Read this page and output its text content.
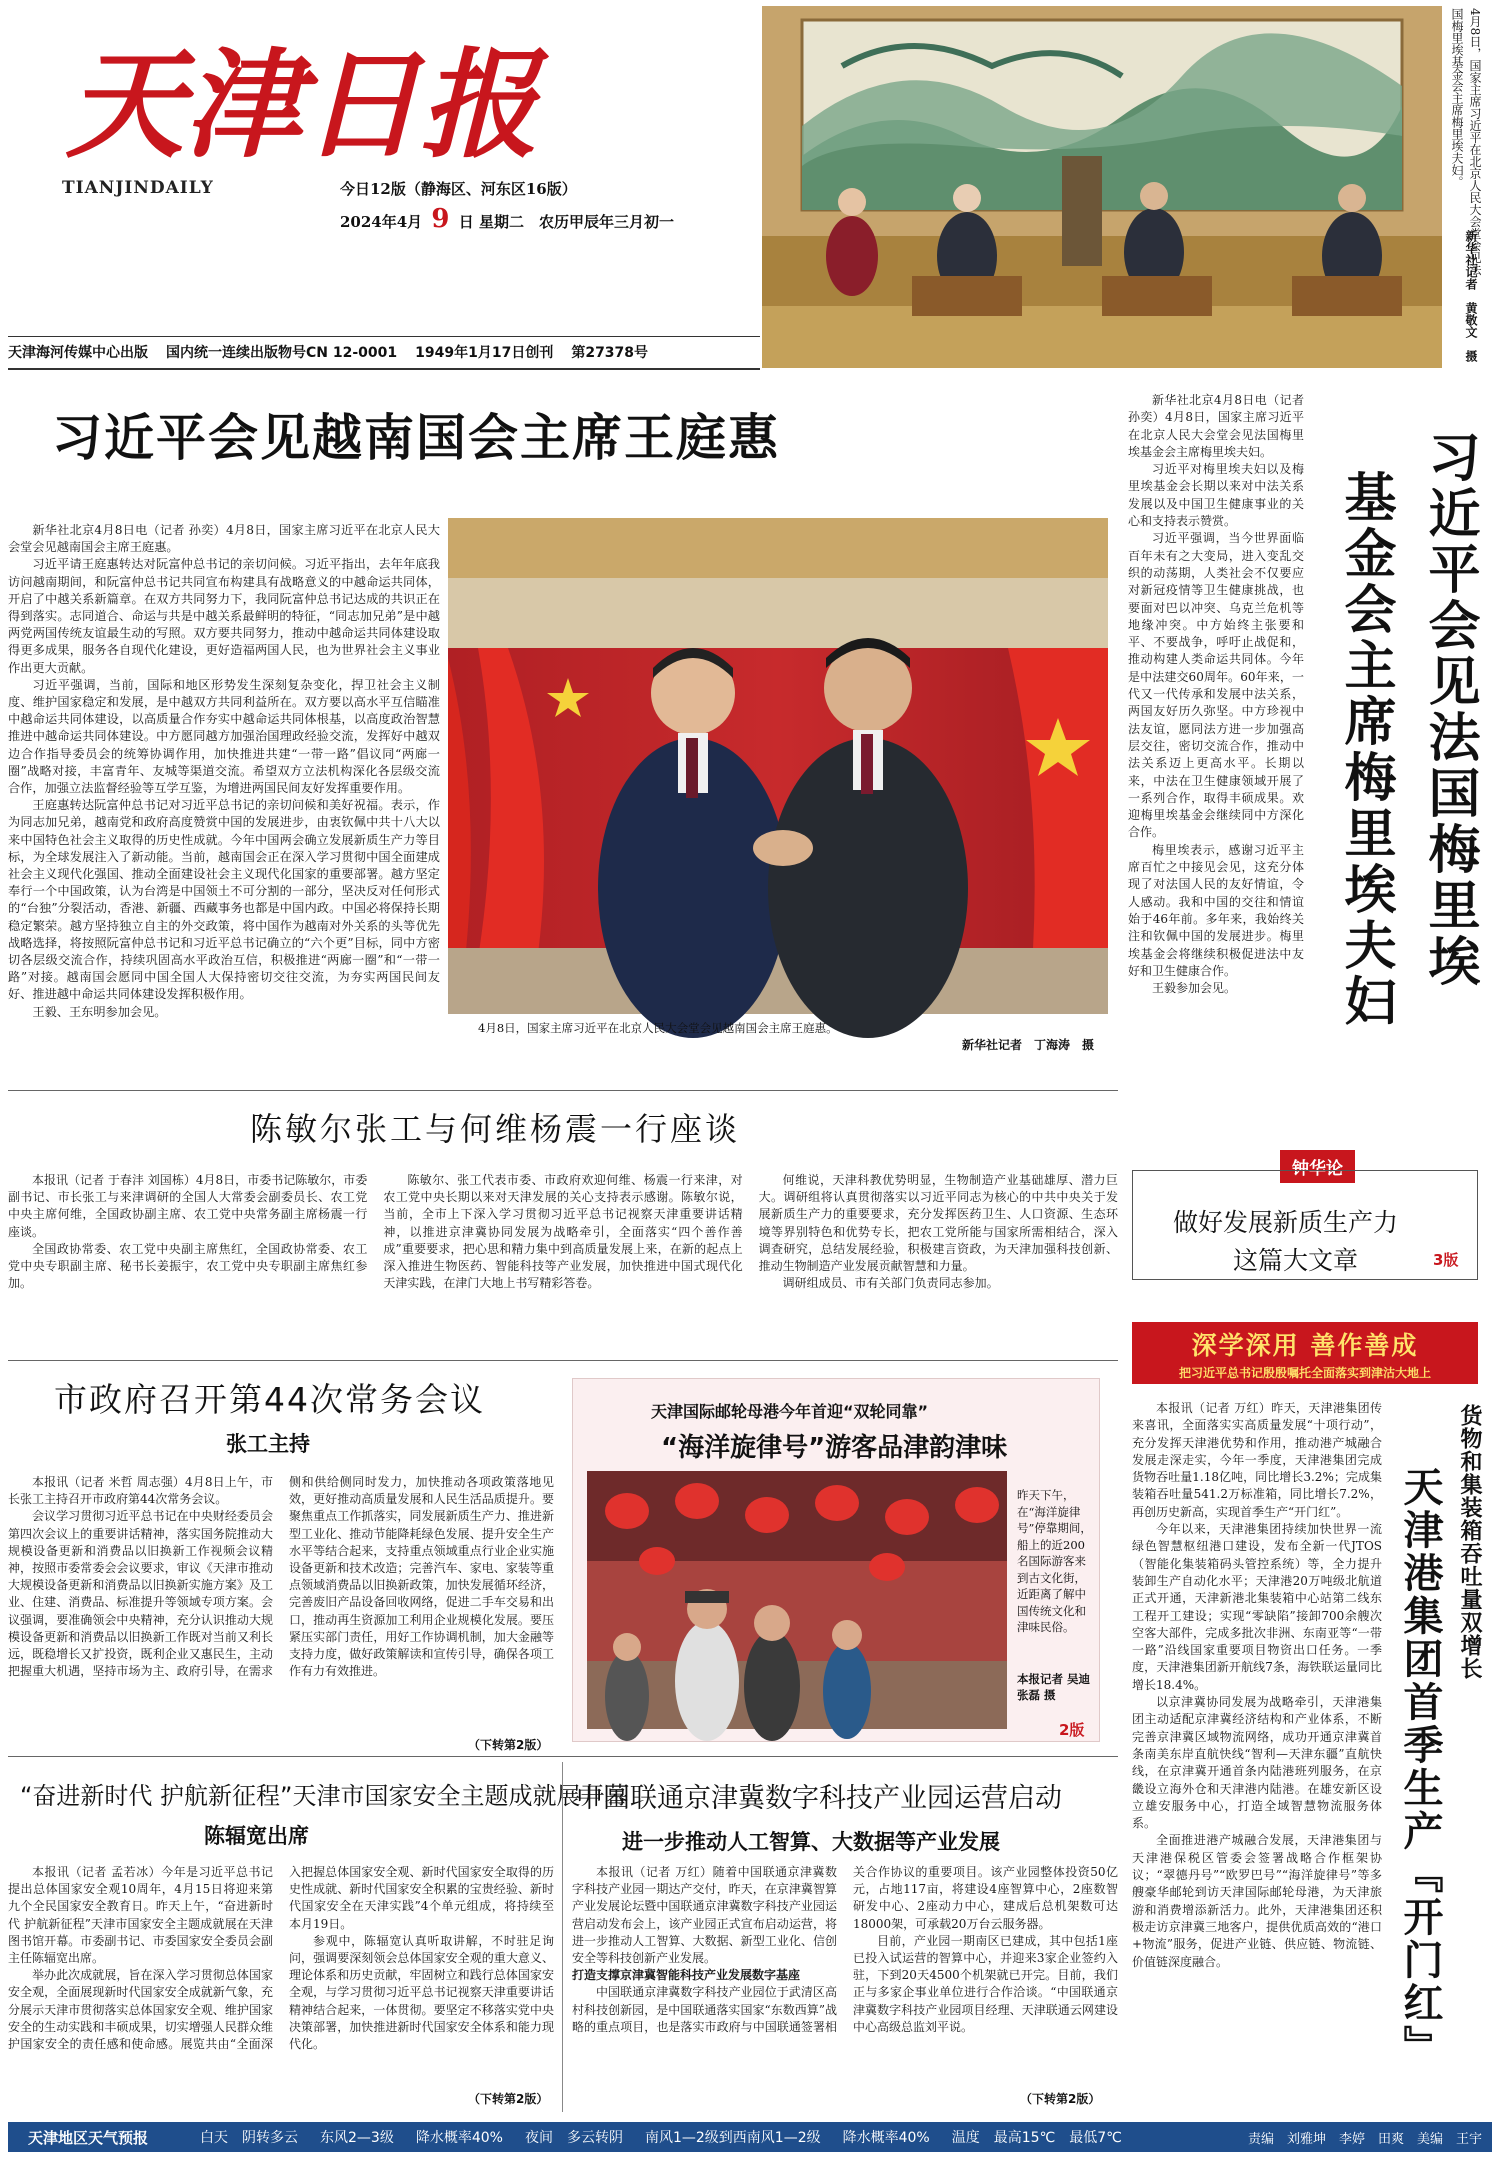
天津日报
TIANJINDAILY	今日12版（静海区、河东区16版）
2024年4月 9 日 星期二　农历甲辰年三月初一
天津海河传媒中心出版 国内统一连续出版物号CN 12-0001 1949年1月17日创刊 第27378号
4月8日，国家主席习近平在北京人民大会堂会见法国梅里埃基金会主席梅里埃夫妇。
新华社记者　黄敬文　摄
习近平会见越南国会主席王庭惠

新华社北京4月8日电（记者 孙奕）4月8日，国家主席习近平在北京人民大会堂会见越南国会主席王庭惠。

习近平请王庭惠转达对阮富仲总书记的亲切问候。习近平指出，去年年底我访问越南期间，和阮富仲总书记共同宣布构建具有战略意义的中越命运共同体，开启了中越关系新篇章。在双方共同努力下，我同阮富仲总书记达成的共识正在得到落实。志同道合、命运与共是中越关系最鲜明的特征，“同志加兄弟”是中越两党两国传统友谊最生动的写照。双方要共同努力，推动中越命运共同体建设取得更多成果，服务各自现代化建设，更好造福两国人民，也为世界社会主义事业作出更大贡献。

习近平强调，当前，国际和地区形势发生深刻复杂变化，捍卫社会主义制度、维护国家稳定和发展，是中越双方共同利益所在。双方要以高水平互信瞄准中越命运共同体建设，以高质量合作夯实中越命运共同体根基，以高度政治智慧推进中越命运共同体建设。中方愿同越方加强治国理政经验交流，发挥好中越双边合作指导委员会的统筹协调作用，加快推进共建“一带一路”倡议同“两廊一圈”战略对接，丰富青年、友城等渠道交流。希望双方立法机构深化各层级交流合作，加强立法监督经验等互学互鉴，为增进两国民间友好发挥重要作用。

王庭惠转达阮富仲总书记对习近平总书记的亲切问候和美好祝福。表示，作为同志加兄弟，越南党和政府高度赞赏中国的发展进步，由衷钦佩中共十八大以来中国特色社会主义取得的历史性成就。今年中国两会确立发展新质生产力等目标，为全球发展注入了新动能。当前，越南国会正在深入学习贯彻中国全面建成社会主义现代化强国、推动全面建设社会主义现代化国家的重要部署。越方坚定奉行一个中国政策，认为台湾是中国领土不可分割的一部分，坚决反对任何形式的“台独”分裂活动，香港、新疆、西藏事务也都是中国内政。中国必将保持长期稳定繁荣。越方坚持独立自主的外交政策，将中国作为越南对外关系的头等优先战略选择，将按照阮富仲总书记和习近平总书记确立的“六个更”目标，同中方密切各层级交流合作，持续巩固高水平政治互信，积极推进“两廊一圈”和“一带一路”对接。越南国会愿同中国全国人大保持密切交往交流，为夯实两国民间友好、推进越中命运共同体建设发挥积极作用。

王毅、王东明参加会见。

4月8日，国家主席习近平在北京人民大会堂会见越南国会主席王庭惠。
新华社记者　丁海涛　摄

新华社北京4月8日电（记者 孙奕）4月8日，国家主席习近平在北京人民大会堂会见法国梅里埃基金会主席梅里埃夫妇。

习近平对梅里埃夫妇以及梅里埃基金会长期以来对中法关系发展以及中国卫生健康事业的关心和支持表示赞赏。

习近平强调，当今世界面临百年未有之大变局，进入变乱交织的动荡期，人类社会不仅要应对新冠疫情等卫生健康挑战，也要面对巴以冲突、乌克兰危机等地缘冲突。中方始终主张要和平、不要战争，呼吁止战促和，推动构建人类命运共同体。今年是中法建交60周年。60年来，一代又一代传承和发展中法关系，两国友好历久弥坚。中方珍视中法友谊，愿同法方进一步加强高层交往，密切交流合作，推动中法关系迈上更高水平。长期以来，中法在卫生健康领域开展了一系列合作，取得丰硕成果。欢迎梅里埃基金会继续同中方深化合作。

梅里埃表示，感谢习近平主席百忙之中接见会见，这充分体现了对法国人民的友好情谊，令人感动。我和中国的交往和情谊始于46年前。多年来，我始终关注和钦佩中国的发展进步。梅里埃基金会将继续积极促进法中友好和卫生健康合作。

王毅参加会见。	习近平会见法国梅里埃
基金会主席梅里埃夫妇
陈敏尔张工与何维杨震一行座谈

本报讯（记者 于春沣 刘国栋）4月8日，市委书记陈敏尔，市委副书记、市长张工与来津调研的全国人大常委会副委员长、农工党中央主席何维，全国政协副主席、农工党中央常务副主席杨震一行座谈。

全国政协常委、农工党中央副主席焦红，全国政协常委、农工党中央专职副主席、秘书长姜振宇，农工党中央专职副主席焦红参加。

陈敏尔、张工代表市委、市政府欢迎何维、杨震一行来津，对农工党中央长期以来对天津发展的关心支持表示感谢。陈敏尔说，当前，全市上下深入学习贯彻习近平总书记视察天津重要讲话精神，以推进京津冀协同发展为战略牵引，全面落实“四个善作善成”重要要求，把心思和精力集中到高质量发展上来，在新的起点上深入推进生物医药、智能科技等产业发展，加快推进中国式现代化天津实践，在津门大地上书写精彩答卷。

何维说，天津科教优势明显，生物制造产业基础雄厚、潜力巨大。调研组将认真贯彻落实以习近平同志为核心的中共中央关于发展新质生产力的重要要求，充分发挥医药卫生、人口资源、生态环境等界别特色和优势专长，把农工党所能与国家所需相结合，深入调查研究，总结发展经验，积极建言资政，为天津加强科技创新、推动生物制造产业发展贡献智慧和力量。

调研组成员、市有关部门负责同志参加。

钟华论
做好发展新质生产力
这篇大文章	3版
深学深用 善作善成
把习近平总书记殷殷嘱托全面落实到津沽大地上

本报讯（记者 万红）昨天，天津港集团传来喜讯，全面落实实高质量发展“十项行动”，充分发挥天津港优势和作用，推动港产城融合发展走深走实，今年一季度，天津港集团完成货物吞吐量1.18亿吨，同比增长3.2%；完成集装箱吞吐量541.2万标准箱，同比增长7.2%，再创历史新高，实现首季生产“开门红”。

今年以来，天津港集团持续加快世界一流绿色智慧枢纽港口建设，发布全新一代JTOS（智能化集装箱码头管控系统）等，全力提升装卸生产自动化水平；天津港20万吨级北航道正式开通，天津新港北集装箱中心站第二线东工程开工建设；实现“零缺陷”接卸700余艘次空客大部件，完成多批次非洲、东南亚等“一带一路”沿线国家重要项目物资出口任务。一季度，天津港集团新开航线7条，海铁联运量同比增长18.4%。

以京津冀协同发展为战略牵引，天津港集团主动适配京津冀经济结构和产业体系，不断完善京津冀区域物流网络，成功开通京津冀首条南美东岸直航快线“智利—天津东疆”直航快线，在京津冀开通首条内陆港班列服务，在京畿设立海外仓和天津港内陆港。在雄安新区设立雄安服务中心，打造全域智慧物流服务体系。

全面推进港产城融合发展，天津港集团与天津港保税区管委会签署战略合作框架协议；“翠德丹号”“欧罗巴号”“海洋旋律号”等多艘豪华邮轮到访天津国际邮轮母港，为天津旅游和消费增添新活力。此外，天津港集团还积极走访京津冀三地客户，提供优质高效的“港口+物流”服务，促进产业链、供应链、物流链、价值链深度融合。

货物和集装箱吞吐量双增长
天津港集团首季生产『开门红』
市政府召开第44次常务会议
张工主持

本报讯（记者 米哲 周志强）4月8日上午，市长张工主持召开市政府第44次常务会议。

会议学习贯彻习近平总书记在中央财经委员会第四次会议上的重要讲话精神，落实国务院推动大规模设备更新和消费品以旧换新工作视频会议精神，按照市委常委会会议要求，审议《天津市推动大规模设备更新和消费品以旧换新实施方案》及工业、住建、消费品、标准提升等领域专项方案。会议强调，要准确领会中央精神，充分认识推动大规模设备更新和消费品以旧换新工作既对当前又利长远，既稳增长又扩投资，既利企业又惠民生，主动把握重大机遇，坚持市场为主、政府引导，在需求侧和供给侧同时发力，加快推动各项政策落地见效，更好推动高质量发展和人民生活品质提升。要聚焦重点工作抓落实，同发展新质生产力、推进新型工业化、推动节能降耗绿色发展、提升安全生产水平等结合起来，支持重点领域重点行业企业实施设备更新和技术改造；完善汽车、家电、家装等重点领域消费品以旧换新政策，加快发展循环经济，完善废旧产品设备回收网络，促进二手车交易和出口，推动再生资源加工利用企业规模化发展。要压紧压实部门责任，用好工作协调机制，加大金融等支持力度，做好政策解读和宣传引导，确保各项工作有力有效推进。

（下转第2版）
天津国际邮轮母港今年首迎“双轮同靠”
“海洋旋律号”游客品津韵津味
昨天下午，在“海洋旋律号”停靠期间，船上的近200名国际游客来到古文化街，近距离了解中国传统文化和津味民俗。
本报记者 吴迪 张磊 摄
2版
“奋进新时代 护航新征程”天津市国家安全主题成就展开幕
陈辐宽出席

本报讯（记者 孟若冰）今年是习近平总书记提出总体国家安全观10周年，4月15日将迎来第九个全民国家安全教育日。昨天上午，“奋进新时代 护航新征程”天津市国家安全主题成就展在天津图书馆开幕。市委副书记、市委国家安全委员会副主任陈辐宽出席。

举办此次成就展，旨在深入学习贯彻总体国家安全观，全面展现新时代国家安全成就新气象，充分展示天津市贯彻落实总体国家安全观、维护国家安全的生动实践和丰硕成果，切实增强人民群众维护国家安全的责任感和使命感。展览共由“全面深入把握总体国家安全观、新时代国家安全取得的历史性成就、新时代国家安全积累的宝贵经验、新时代国家安全在天津实践”4个单元组成，将持续至本月19日。

参观中，陈辐宽认真听取讲解，不时驻足询问，强调要深刻领会总体国家安全观的重大意义、理论体系和历史贡献，牢固树立和践行总体国家安全观，与学习贯彻习近平总书记视察天津重要讲话精神结合起来，一体贯彻。要坚定不移落实党中央决策部署，加快推进新时代国家安全体系和能力现代化。

（下转第2版）
中国联通京津冀数字科技产业园运营启动
进一步推动人工智算、大数据等产业发展

本报讯（记者 万红）随着中国联通京津冀数字科技产业园一期达产交付，昨天，在京津冀智算产业发展论坛暨中国联通京津冀数字科技产业园运营启动发布会上，该产业园正式宣布启动运营，将进一步推动人工智算、大数据、新型工业化、信创安全等科技创新产业发展。

打造支撑京津冀智能科技产业发展数字基座

中国联通京津冀数字科技产业园位于武清区高村科技创新园，是中国联通落实国家“东数西算”战略的重点项目，也是落实市政府与中国联通签署相关合作协议的重要项目。该产业园整体投资50亿元，占地117亩，将建设4座智算中心，2座数智研发中心、2座动力中心，建成后总机架数可达18000架，可承载20万台云服务器。

目前，产业园一期南区已建成，其中包括1座已投入试运营的智算中心，并迎来3家企业签约入驻，下到20天4500个机架就已开完。目前，我们正与多家企事业单位进行合作洽谈。“中国联通京津冀数字科技产业园项目经理、天津联通云网建设中心高级总监刘平说。

（下转第2版）
天津地区天气预报	白天　阴转多云 东风2—3级 降水概率40% 夜间　多云转阴 南风1—2级到西南风1—2级 降水概率40% 温度　最高15℃　最低7℃	责编　刘雅坤　李婷　田爽　美编　王宇
